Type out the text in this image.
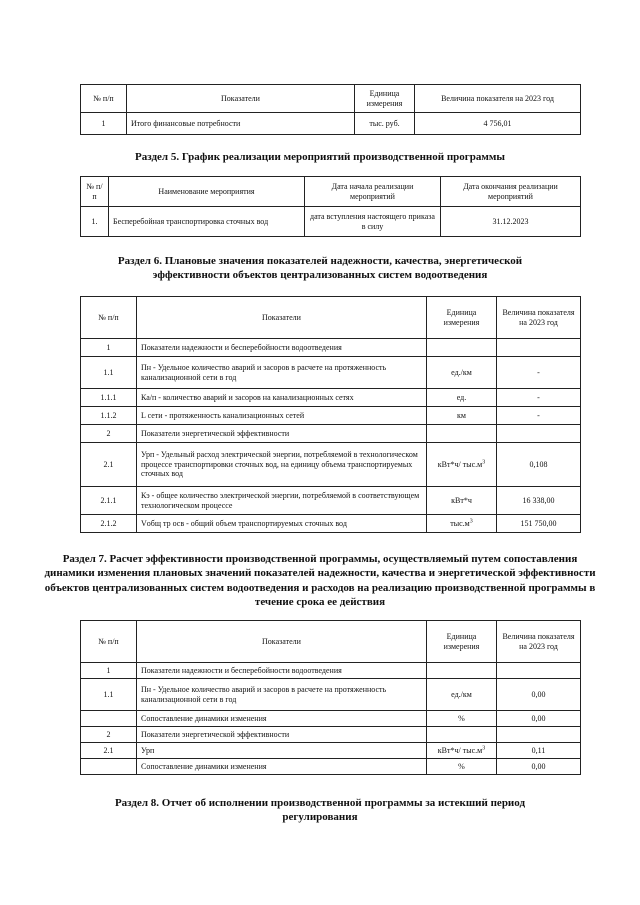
№ п/п	Показатели	Единица измерения	Величина показателя на 2023 год
1	Итого финансовые потребности	тыс. руб.	4 756,01
Раздел 5. График реализации мероприятий производственной программы
№ п/п	Наименование мероприятия	Дата начала реализации мероприятий	Дата окончания реализации мероприятий
1.	Бесперебойная транспортировка сточных вод	дата вступления настоящего приказа в силу	31.12.2023
Раздел 6. Плановые значения показателей надежности, качества, энергетической эффективности объектов централизованных систем водоотведения
№ п/п	Показатели	Единица измерения	Величина показателя на 2023 год
1	Показатели надежности и бесперебойности водоотведения		
1.1	Пн - Удельное количество аварий и засоров в расчете на протяженность канализационной сети в год	ед./км	-
1.1.1	Ка/п - количество аварий и засоров на канализационных сетях	ед.	-
1.1.2	L сети - протяженность канализационных сетей	км	-
2	Показатели энергетической эффективности		
2.1	Урп - Удельный расход электрической энергии, потребляемой в технологическом процессе транспортировки сточных вод, на единицу объема транспортируемых сточных вод	кВт*ч/ $тыс.м^3$	0,108
2.1.1	Кэ - общее количество электрической энергии, потребляемой в соответствующем технологическом процессе	кВт*ч	16 338,00
2.1.2	Vобщ тр осв - общий объем транспортируемых сточных вод	$тыс.м^3$	151 750,00
Раздел 7. Расчет эффективности производственной программы, осуществляемый путем сопоставления динамики изменения плановых значений показателей надежности, качества и энергетической эффективности объектов централизованных систем водоотведения и расходов на реализацию производственной программы в течение срока ее действия
№ п/п	Показатели	Единица измерения	Величина показателя на 2023 год
1	Показатели надежности и бесперебойности водоотведения		
1.1	Пн - Удельное количество аварий и засоров в расчете на протяженность канализационной сети в год	ед./км	0,00
	Сопоставление динамики изменения	%	0,00
2	Показатели энергетической эффективности		
2.1	Урп	кВт*ч/ $тыс.м^3$	0,11
	Сопоставление динамики изменения	%	0,00
Раздел 8. Отчет об исполнении производственной программы за истекший период регулирования
